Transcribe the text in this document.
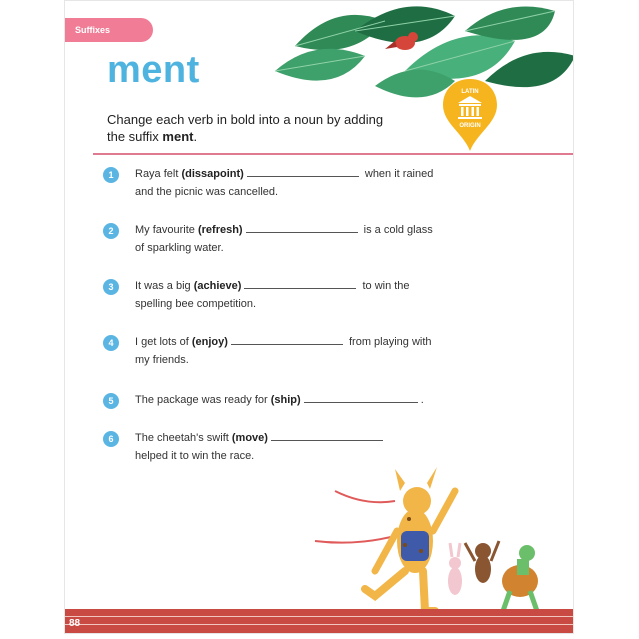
Suffixes
ment
LATIN
ORIGIN
Change each verb in bold into a noun by adding the suffix ment.
1	Raya felt (dissapoint)	when it rained
and the picnic was cancelled.
2	My favourite (refresh)	is a cold glass
of sparkling water.
3	It was a big (achieve)	to win the
spelling bee competition.
4	I get lots of (enjoy)	from playing with
my friends.
5	The package was ready for (ship)	.
6	The cheetah's swift (move)
helped it to win the race.
88
